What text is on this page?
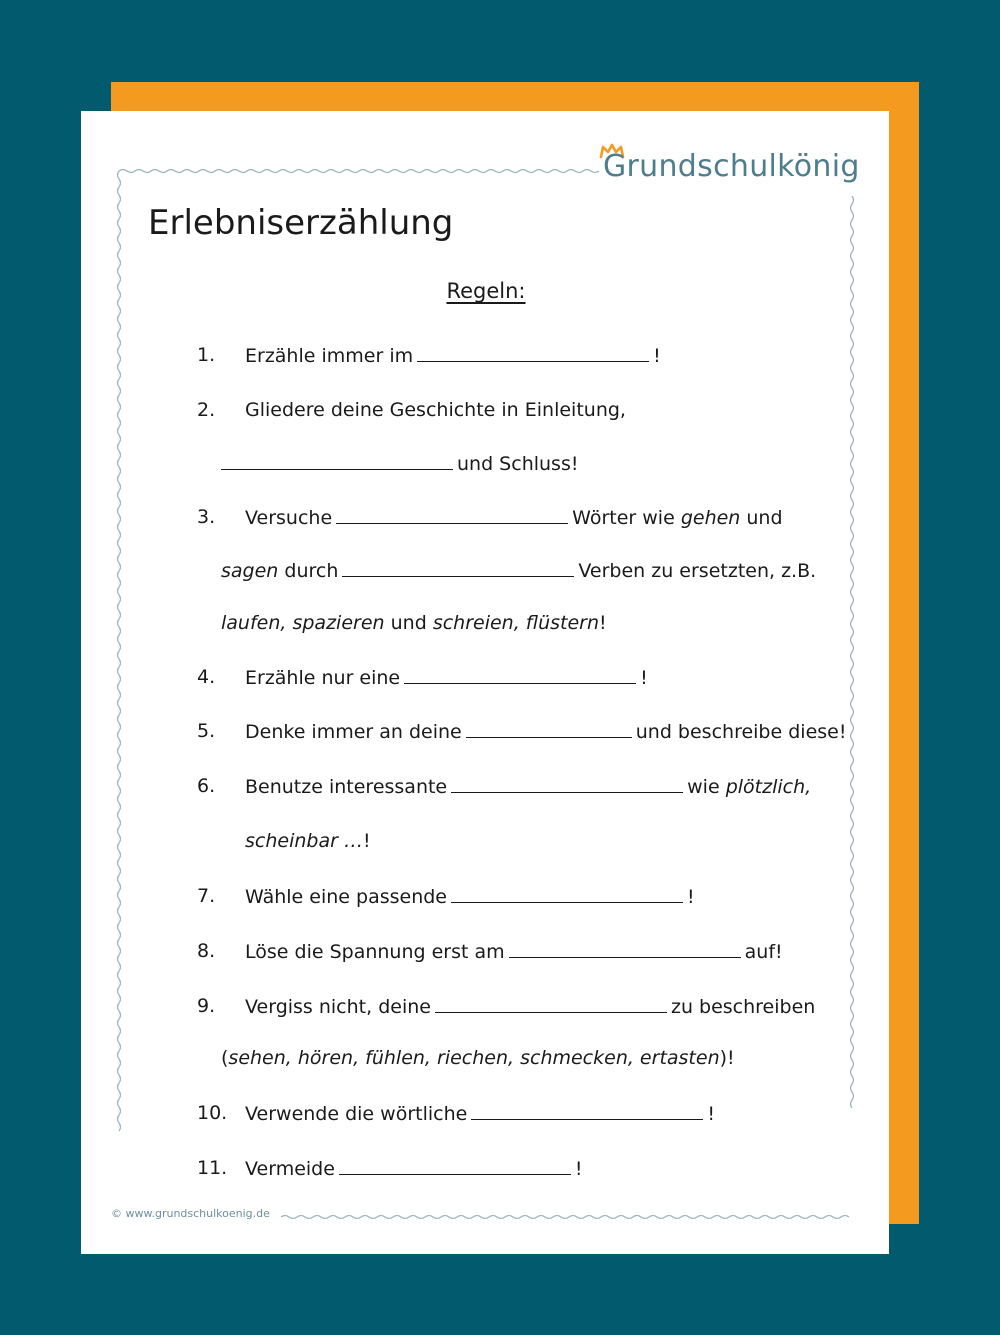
Grundschulkönig
Erlebniserzählung
Regeln:
1.	Erzähle immer im	!
2.	Gliedere deine Geschichte in Einleitung,
und Schluss!
3.	Versuche	Wörter wie gehen und
sagen durch	Verben zu ersetzten, z.B.
laufen, spazieren und schreien, flüstern!
4.	Erzähle nur eine	!
5.	Denke immer an deine	und beschreibe diese!
6.	Benutze interessante	wie plötzlich,
scheinbar …!
7.	Wähle eine passende	!
8.	Löse die Spannung erst am	auf!
9.	Vergiss nicht, deine	zu beschreiben
(sehen, hören, fühlen, riechen, schmecken, ertasten)!
10. Verwende die wörtliche	!
11. Vermeide	!
© www.grundschulkoenig.de
